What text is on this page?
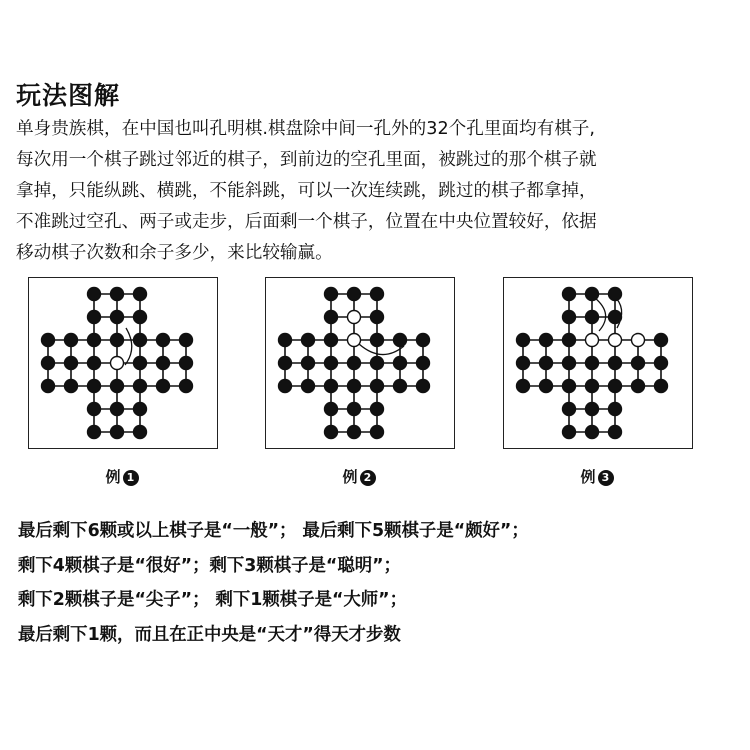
玩法图解
单身贵族棋，在中国也叫孔明棋.棋盘除中间一孔外的32个孔里面均有棋子,
每次用一个棋子跳过邻近的棋子，到前边的空孔里面，被跳过的那个棋子就
拿掉，只能纵跳、横跳，不能斜跳，可以一次连续跳，跳过的棋子都拿掉，
不准跳过空孔、两子或走步，后面剩一个棋子，位置在中央位置较好，依据
移动棋子次数和余子多少，来比较输赢。
例 1	例 2	例 3
最后剩下6颗或以上棋子是“一般”； 最后剩下5颗棋子是“颇好”；
剩下4颗棋子是“很好”；剩下3颗棋子是“聪明”；
剩下2颗棋子是“尖子”； 剩下1颗棋子是“大师”；
最后剩下1颗，而且在正中央是“天才”得天才步数
